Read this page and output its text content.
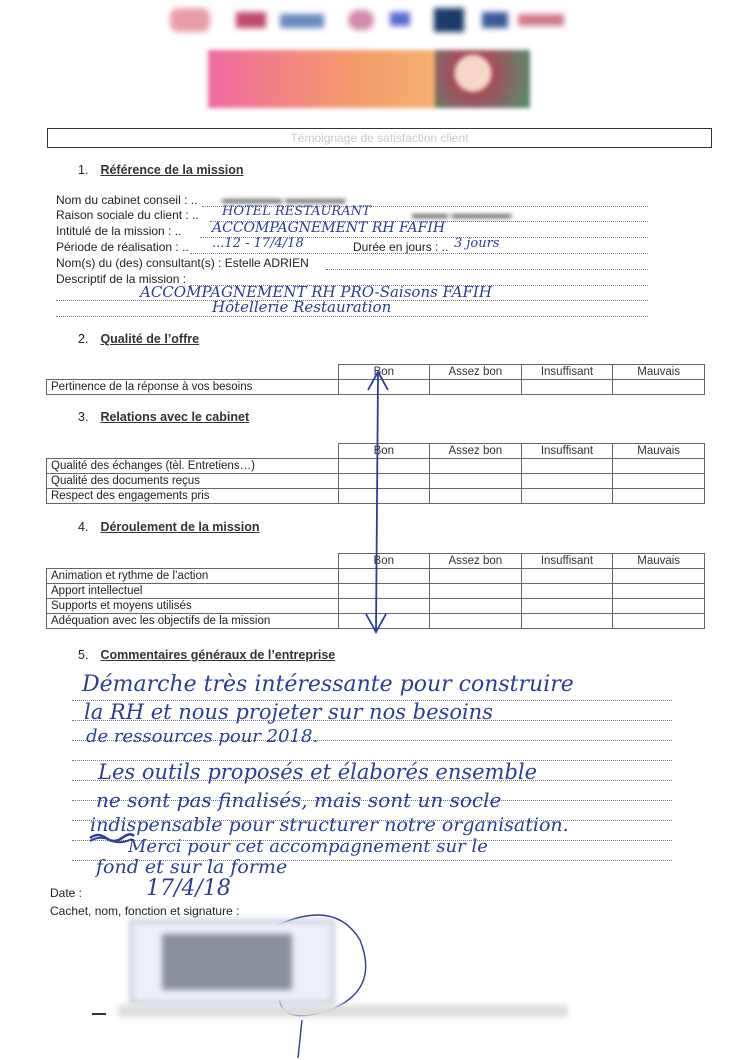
Témoignage de satisfaction client
1. Référence de la mission
Nom du cabinet conseil : .. ▬▬▬▬▬ ▬▬▬▬▬
Raison sociale du client : .. HOTEL RESTAURANT	▬▬▬ ▬▬▬▬▬
Intitulé de la mission : .. ACCOMPAGNEMENT RH FAFIH
Période de réalisation : .. ...12 - 17/4/18	Durée en jours : .. 3 jours
Nom(s) du (des) consultant(s) : Estelle ADRIEN
Descriptif de la mission :
ACCOMPAGNEMENT RH PRO-Saisons FAFIH
Hôtellerie Restauration
2. Qualité de l’offre
	Bon	Assez bon	Insuffisant	Mauvais
Pertinence de la réponse à vos besoins				
3. Relations avec le cabinet
	Bon	Assez bon	Insuffisant	Mauvais
Qualité des échanges (tèl. Entretiens…)				
Qualité des documents reçus				
Respect des engagements pris				
4. Déroulement de la mission
	Bon	Assez bon	Insuffisant	Mauvais
Animation et rythme de l’action				
Apport intellectuel				
Supports et moyens utilisés				
Adéquation avec les objectifs de la mission				
5. Commentaires généraux de l’entreprise
Démarche très intéressante pour construire
la RH et nous projeter sur nos besoins
de ressources pour 2018.
Les outils proposés et élaborés ensemble
ne sont pas finalisés, mais sont un socle
indispensable pour structurer notre organisation.
Merci pour cet accompagnement sur le
fond et sur la forme
Date :	17/4/18
Cachet, nom, fonction et signature :
